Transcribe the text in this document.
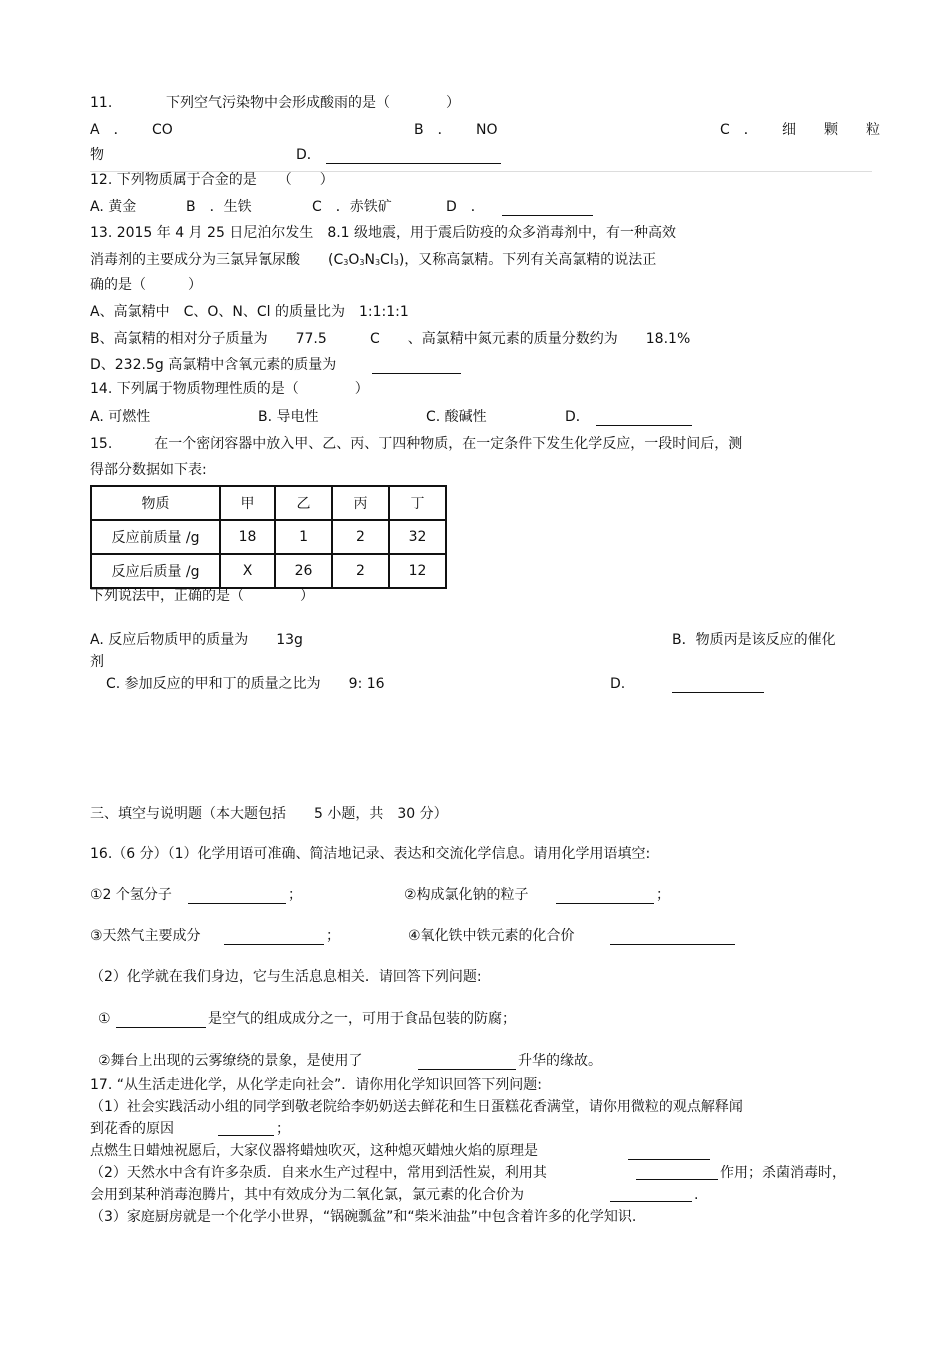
11.	下列空气污染物中会形成酸雨的是（　　　　）
A　． CO	B　． NO	C　． 细　　颗　　粒
物	D．
12. 下列物质属于合金的是　　（　　）
A. 黄金	B　．生铁	C　．赤铁矿	D　．
13. 2015 年 4 月 25 日尼泊尔发生　8.1 级地震，用于震后防疫的众多消毒剂中，有一种高效
消毒剂的主要成分为三氯异氰尿酸　　(C3O3N3Cl3)，又称高氯精。下列有关高氯精的说法正
确的是（　　　）
A、高氯精中　C、O、N、Cl 的质量比为　1:1:1:1
B、高氯精的相对分子质量为　　77.5	C　　、高氯精中氮元素的质量分数约为　　18.1%
D、232.5g 高氯精中含氧元素的质量为
14. 下列属于物质物理性质的是（　　　　）
A. 可燃性	B. 导电性	C. 酸碱性	D．
15.　　　在一个密闭容器中放入甲、乙、丙、丁四种物质，在一定条件下发生化学反应，一段时间后，测
得部分数据如下表:
物质	甲	乙	丙	丁
反应前质量 /g	18	1	2	32
反应后质量 /g	X	26	2	12
下列说法中，正确的是（　　　　）
A. 反应后物质甲的质量为　　13g	B．物质丙是该反应的催化
剂
C. 参加反应的甲和丁的质量之比为　　9: 16	D.
三、填空与说明题（本大题包括　　5 小题，共　30 分）
16.（6 分）（1）化学用语可准确、简洁地记录、表达和交流化学信息。请用化学用语填空:
①2 个氢分子	；	②构成氯化钠的粒子	；
③天然气主要成分	；	④氧化铁中铁元素的化合价
（2）化学就在我们身边，它与生活息息相关．请回答下列问题:
①	是空气的组成成分之一，可用于食品包装的防腐；
②舞台上出现的云雾缭绕的景象，是使用了	升华的缘故。
17. “从生活走进化学，从化学走向社会”．请你用化学知识回答下列问题:
（1）社会实践活动小组的同学到敬老院给李奶奶送去鲜花和生日蛋糕花香满堂，请你用微粒的观点解释闻
到花香的原因	；
点燃生日蜡烛祝愿后，大家仪器将蜡烛吹灭，这种熄灭蜡烛火焰的原理是
（2）天然水中含有许多杂质．自来水生产过程中，常用到活性炭，利用其	作用；杀菌消毒时，
会用到某种消毒泡腾片，其中有效成分为二氧化氯，氯元素的化合价为	.
（3）家庭厨房就是一个化学小世界，“锅碗瓢盆”和“柴米油盐”中包含着许多的化学知识.
